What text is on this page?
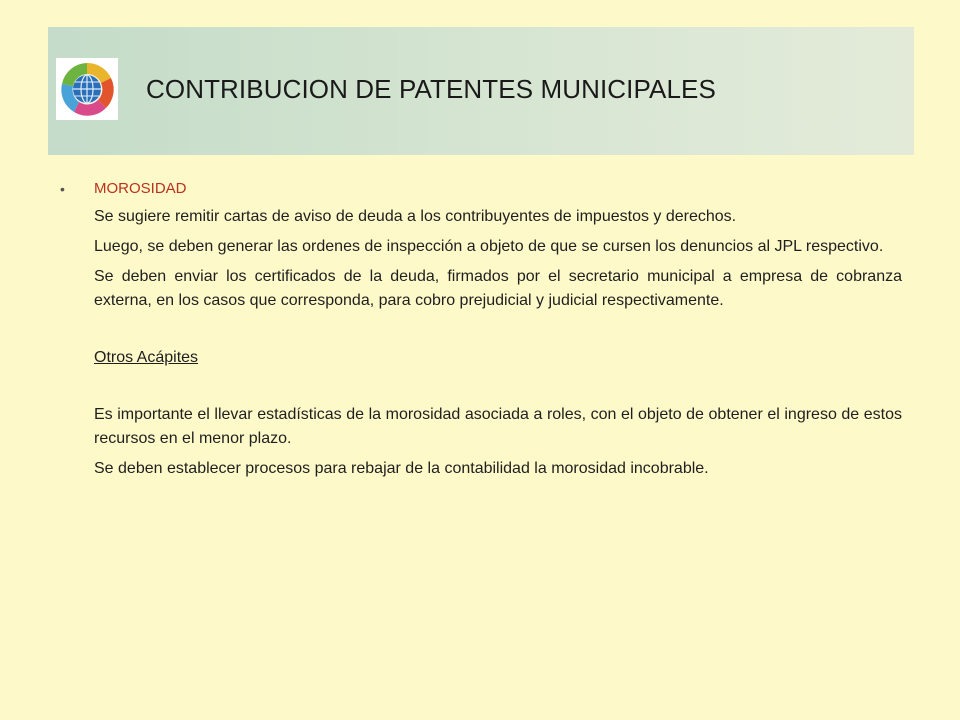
CONTRIBUCION DE PATENTES MUNICIPALES
• MOROSIDAD

Se sugiere remitir cartas de aviso de deuda a los contribuyentes de impuestos y derechos.

Luego, se deben generar las ordenes de inspección a objeto de que se cursen los denuncios al JPL respectivo.

Se deben enviar los certificados de la deuda, firmados por el secretario municipal a empresa de cobranza externa, en los casos que corresponda, para cobro prejudicial y judicial respectivamente.

Otros Acápites

Es importante el llevar estadísticas de la morosidad asociada a roles, con el objeto de obtener el ingreso de estos recursos en el menor plazo.

Se deben establecer procesos para rebajar de la contabilidad la morosidad incobrable.
